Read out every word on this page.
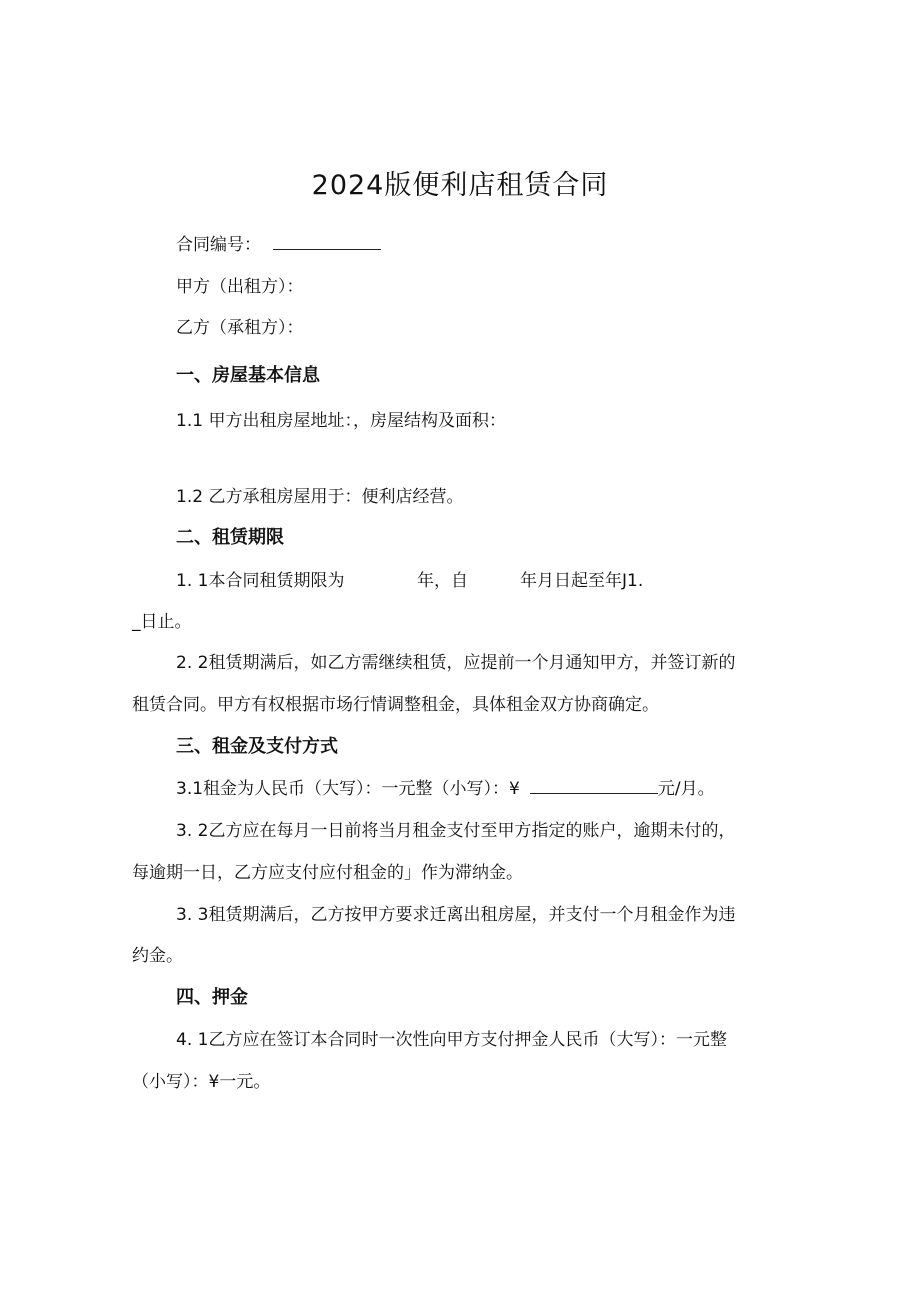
2024版便利店租赁合同
合同编号：
甲方（出租方）：
乙方（承租方）：
一、房屋基本信息
1.1 甲方出租房屋地址：，房屋结构及面积：
1.2 乙方承租房屋用于：便利店经营。
二、租赁期限
1. 1本合同租赁期限为	年，自	年月日起至年J1.
_日止。
2. 2租赁期满后，如乙方需继续租赁，应提前一个月通知甲方，并签订新的
租赁合同。甲方有权根据市场行情调整租金，具体租金双方协商确定。
三、租金及支付方式
3.1租金为人民币（大写）：一元整（小写）：¥	元/月。
3. 2乙方应在每月一日前将当月租金支付至甲方指定的账户，逾期未付的，
每逾期一日，乙方应支付应付租金的」作为滞纳金。
3. 3租赁期满后，乙方按甲方要求迁离出租房屋，并支付一个月租金作为违
约金。
四、押金
4. 1乙方应在签订本合同时一次性向甲方支付押金人民币（大写）：一元整
（小写）：¥一元。
